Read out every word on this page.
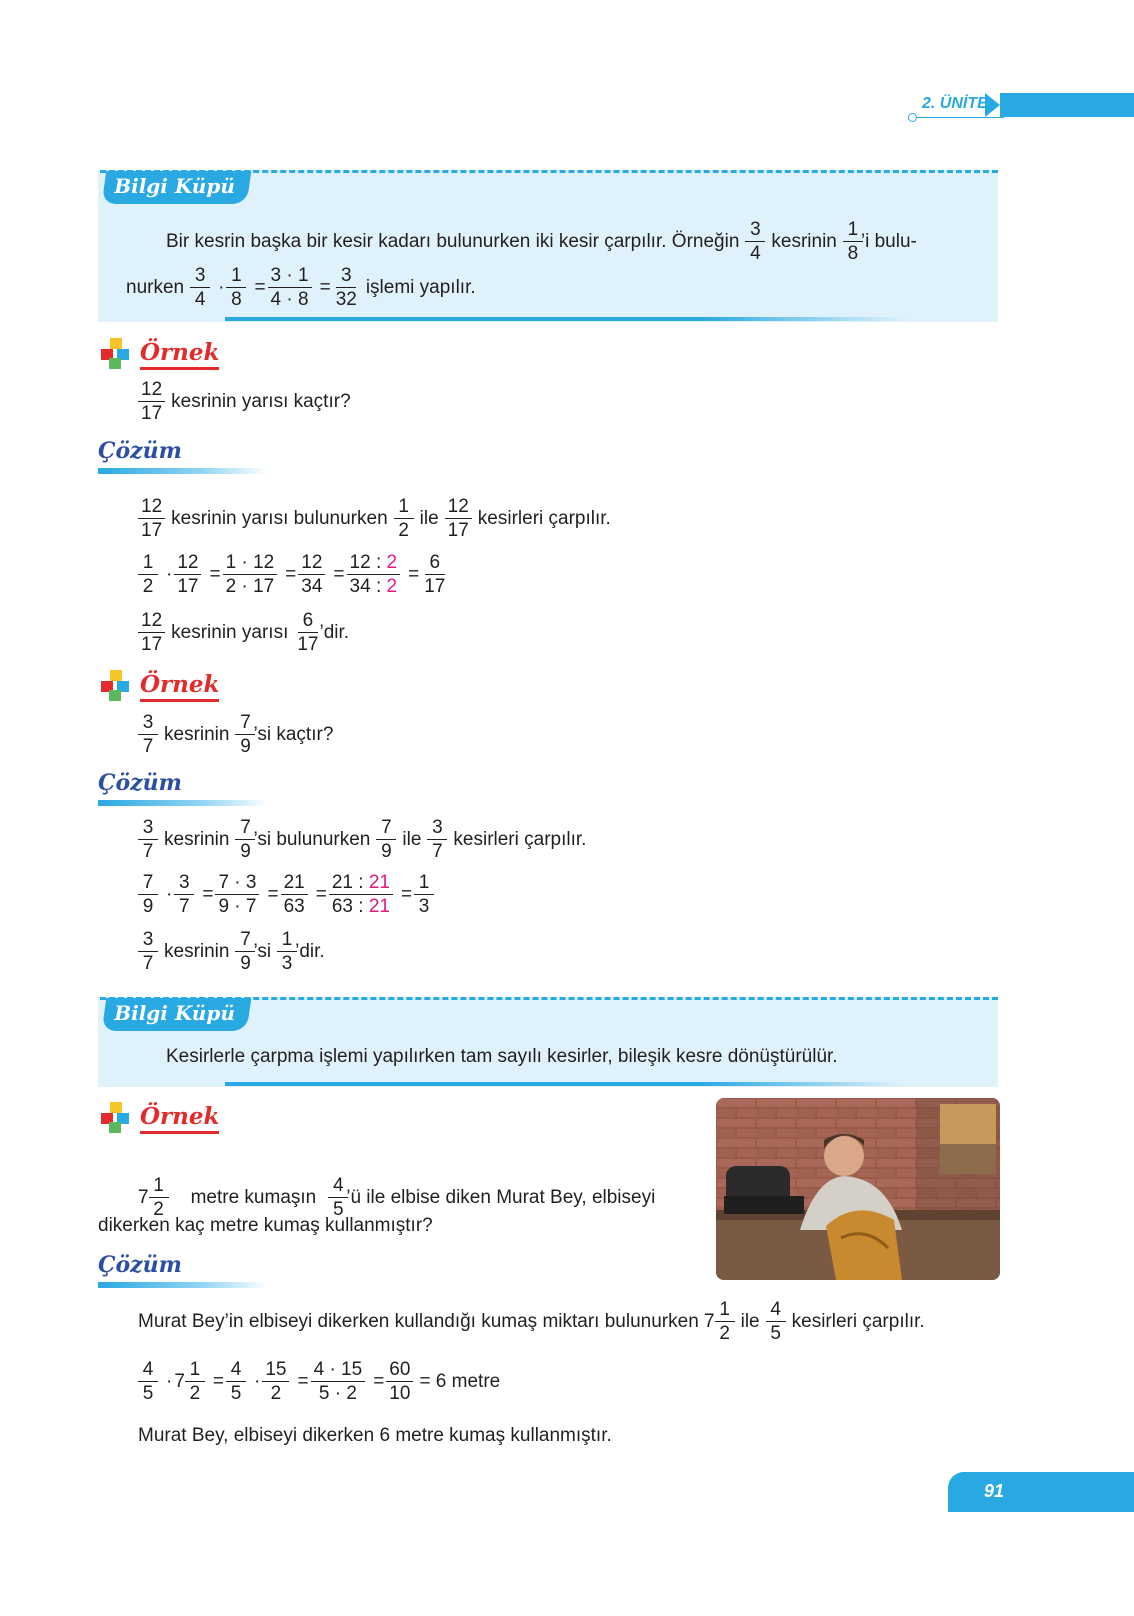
2. ÜNİTE
Bilgi Küpü
Bir kesrin başka bir kesir kadarı bulunurken iki kesir çarpılır. Örneğin $\frac{3}{4}$ kesrinin $\frac{1}{8}$
’i bulu-
nurken $\frac{3}{4} \cdot \frac{1}{8} = \frac{3 \cdot 1}{4 \cdot 8} = \frac{3}{32}$ işlemi yapılır.
Örnek
$\frac{12}{17}$ kesrinin yarısı kaçtır?
Çözüm
$\frac{12}{17}$ kesrinin yarısı bulunurken $\frac{1}{2}$ ile $\frac{12}{17}$ kesirleri çarpılır.
$\frac{1}{2} \cdot \frac{12}{17} = \frac{1 \cdot 12}{2 \cdot 17} = \frac{12}{34} = \frac{12 : 2}{34 : 2} = \frac{6}{17}$
$\frac{12}{17}$ kesrinin yarısı $\frac{6}{17}$
’dir.
Örnek
$\frac{3}{7}$ kesrinin $\frac{7}{9}$
’si kaçtır?
Çözüm
$\frac{3}{7}$ kesrinin $\frac{7}{9}$
’si bulunurken $\frac{7}{9}$ ile $\frac{3}{7}$ kesirleri çarpılır.
$\frac{7}{9} \cdot \frac{3}{7} = \frac{7 \cdot 3}{9 \cdot 7} = \frac{21}{63} = \frac{21 : 21}{63 : 21} = \frac{1}{3}$
$\frac{3}{7}$ kesrinin $\frac{7}{9}$
’si $\frac{1}{3}$
’dir.
Bilgi Küpü
Kesirlerle çarpma işlemi yapılırken tam sayılı kesirler, bileşik kesre dönüştürülür.
Örnek
$7 \frac{1}{2}$ metre kumaşın $\frac{4}{5}$
’ü ile elbise diken Murat Bey, elbiseyi
dikerken kaç metre kumaş kullanmıştır?
Çözüm
Murat Bey’in elbiseyi dikerken kullandığı kumaş miktarı bulunurken $7 \frac{1}{2}$ ile $\frac{4}{5}$ kesirleri çarpılır.
$\frac{4}{5} \cdot 7 \frac{1}{2} = \frac{4}{5} \cdot \frac{15}{2} = \frac{4 \cdot 15}{5 \cdot 2} = \frac{60}{10} = 6$ metre
Murat Bey, elbiseyi dikerken 6 metre kumaş kullanmıştır.
91
